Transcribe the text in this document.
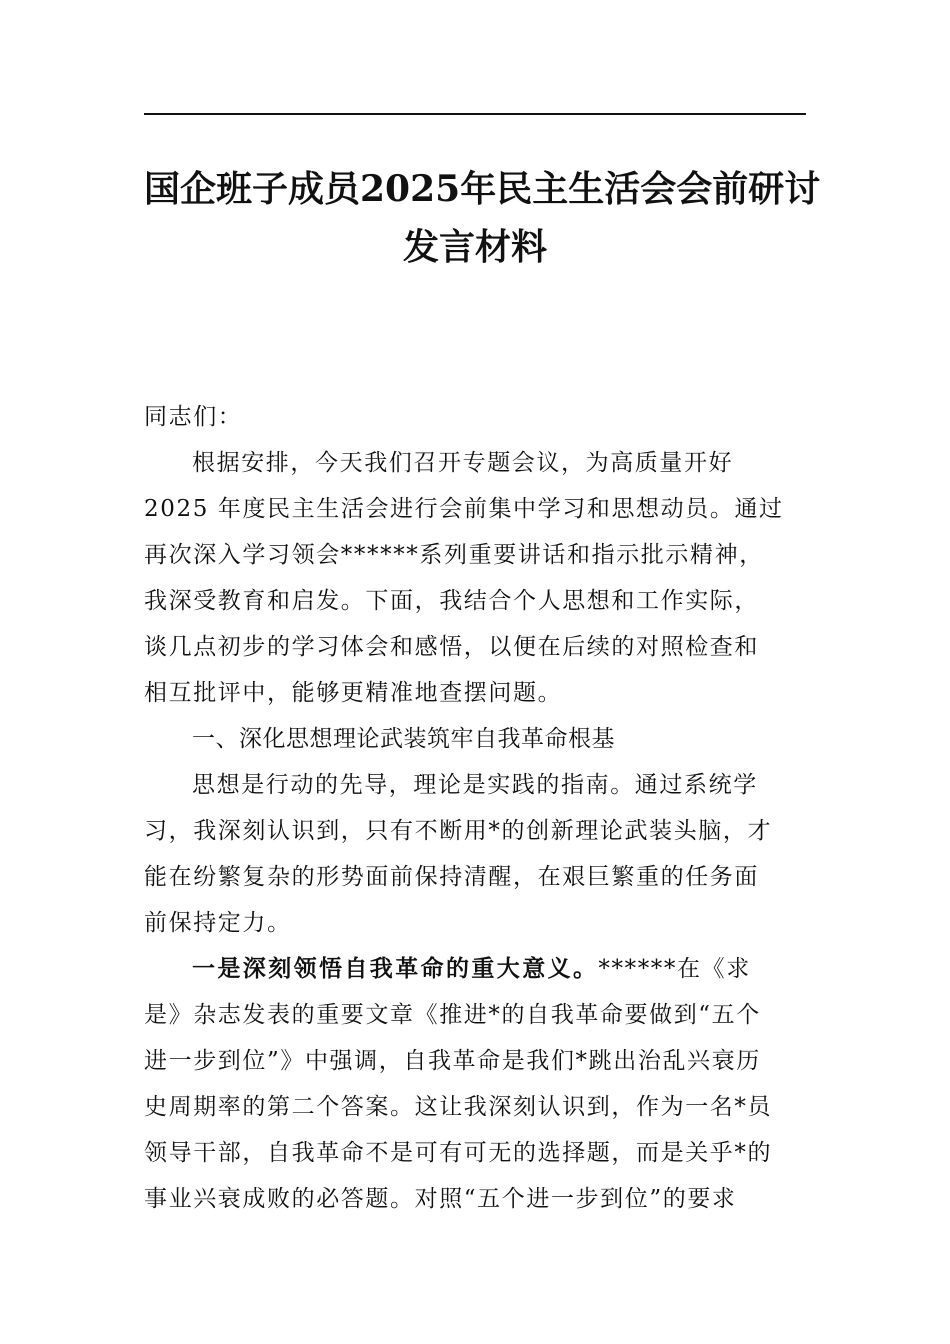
国企班子成员2025年民主生活会会前研讨
发言材料

同志们：

根据安排，今天我们召开专题会议，为高质量开好
2025 年度民主生活会进行会前集中学习和思想动员。通过
再次深入学习领会******系列重要讲话和指示批示精神，
我深受教育和启发。下面，我结合个人思想和工作实际，
谈几点初步的学习体会和感悟，以便在后续的对照检查和
相互批评中，能够更精准地查摆问题。

一、深化思想理论武装筑牢自我革命根基

思想是行动的先导，理论是实践的指南。通过系统学
习，我深刻认识到，只有不断用*的创新理论武装头脑，才
能在纷繁复杂的形势面前保持清醒，在艰巨繁重的任务面
前保持定力。

一是深刻领悟自我革命的重大意义。******在《求
是》杂志发表的重要文章《推进*的自我革命要做到“五个
进一步到位”》中强调，自我革命是我们*跳出治乱兴衰历
史周期率的第二个答案。这让我深刻认识到，作为一名*员
领导干部，自我革命不是可有可无的选择题，而是关乎*的
事业兴衰成败的必答题。对照“五个进一步到位”的要求
